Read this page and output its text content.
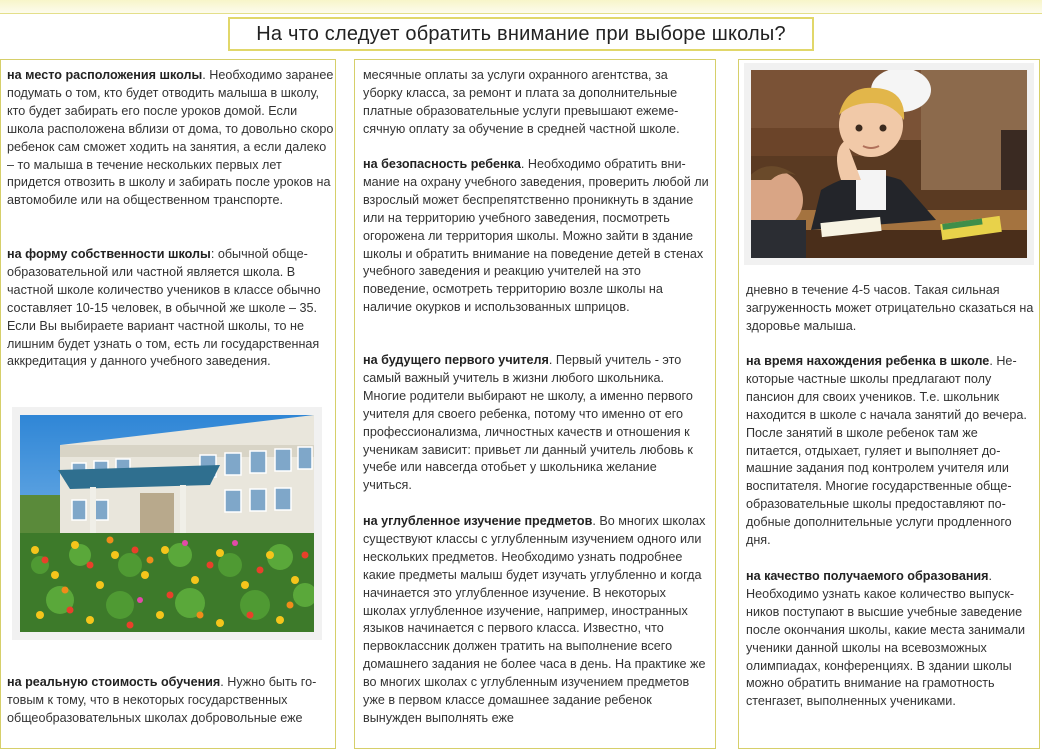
На что следует обратить внимание при выборе школы?

на место расположения школы. Необходимо заранее подумать о том, кто будет отводить малыша в школу, кто будет забирать его после уроков домой. Если школа расположена вблизи от дома, то довольно скоро ребенок сам сможет ходить на занятия, а если далеко – то малыша в течение нескольких первых лет придется отвозить в школу и забирать после уроков на автомобиле или на общественном транспорте.

на форму собственности школы: обычной общеобразовательной или частной является школа. В частной школе количество учеников в классе обычно составляет 10-15 человек, в обычной же школе – 35. Если Вы выбираете вариант частной школы, то не лишним будет узнать о том, есть ли государственная аккредитация у данного учебного заведения.

на реальную стоимость обучения. Нужно быть готовым к тому, что в некоторых государственных общеобразовательных школах добровольные еже

месячные оплаты за услуги охранного агентства, за уборку класса, за ремонт и плата за дополнительные платные образовательные услуги превышают ежемесячную оплату за обучение в средней частной школе.

на безопасность ребенка. Необходимо обратить внимание на охрану учебного заведения, проверить любой ли взрослый может беспрепятственно проникнуть в здание или на территорию учебного заведения, посмотреть огорожена ли территория школы. Можно зайти в здание школы и обратить внимание на поведение детей в стенах учебного заведения и реакцию учителей на это поведение, осмотреть территорию возле школы на наличие окурков и использованных шприцов.

на будущего первого учителя. Первый учитель - это самый важный учитель в жизни любого школьника. Многие родители выбирают не школу, а именно первого учителя для своего ребенка, потому что именно от его профессионализма, личностных качеств и отношения к ученикам зависит: привьет ли данный учитель любовь к учебе или навсегда отобьет у школьника желание учиться.

на углубленное изучение предметов. Во многих школах существуют классы с углубленным изучением одного или нескольких предметов. Необходимо узнать подробнее какие предметы малыш будет изучать углубленно и когда начинается это углубленное изучение. В некоторых школах углубленное изучение, например, иностранных языков начинается с первого класса. Известно, что первоклассник должен тратить на выполнение всего домашнего задания не более часа в день. На практике же во многих школах с углубленным изучением предметов уже в первом классе домашнее задание ребенок вынужден выполнять еже

дневно в течение 4-5 часов. Такая сильная загруженность может отрицательно сказаться на здоровье малыша.

на время нахождения ребенка в школе. Некоторые частные школы предлагают полу пансион для своих учеников. Т.е. школьник находится в школе с начала занятий до вечера. После занятий в школе ребенок там же питается, отдыхает, гуляет и выполняет домашние задания под контролем учителя или воспитателя. Многие государственные общеобразовательные школы предоставляют подобные дополнительные услуги продленного дня.

на качество получаемого образования. Необходимо узнать какое количество выпускников поступают в высшие учебные заведение после окончания школы, какие места занимали ученики данной школы на всевозможных олимпиадах, конференциях. В здании школы можно обратить внимание на грамотность стенгазет, выполненных учениками.
